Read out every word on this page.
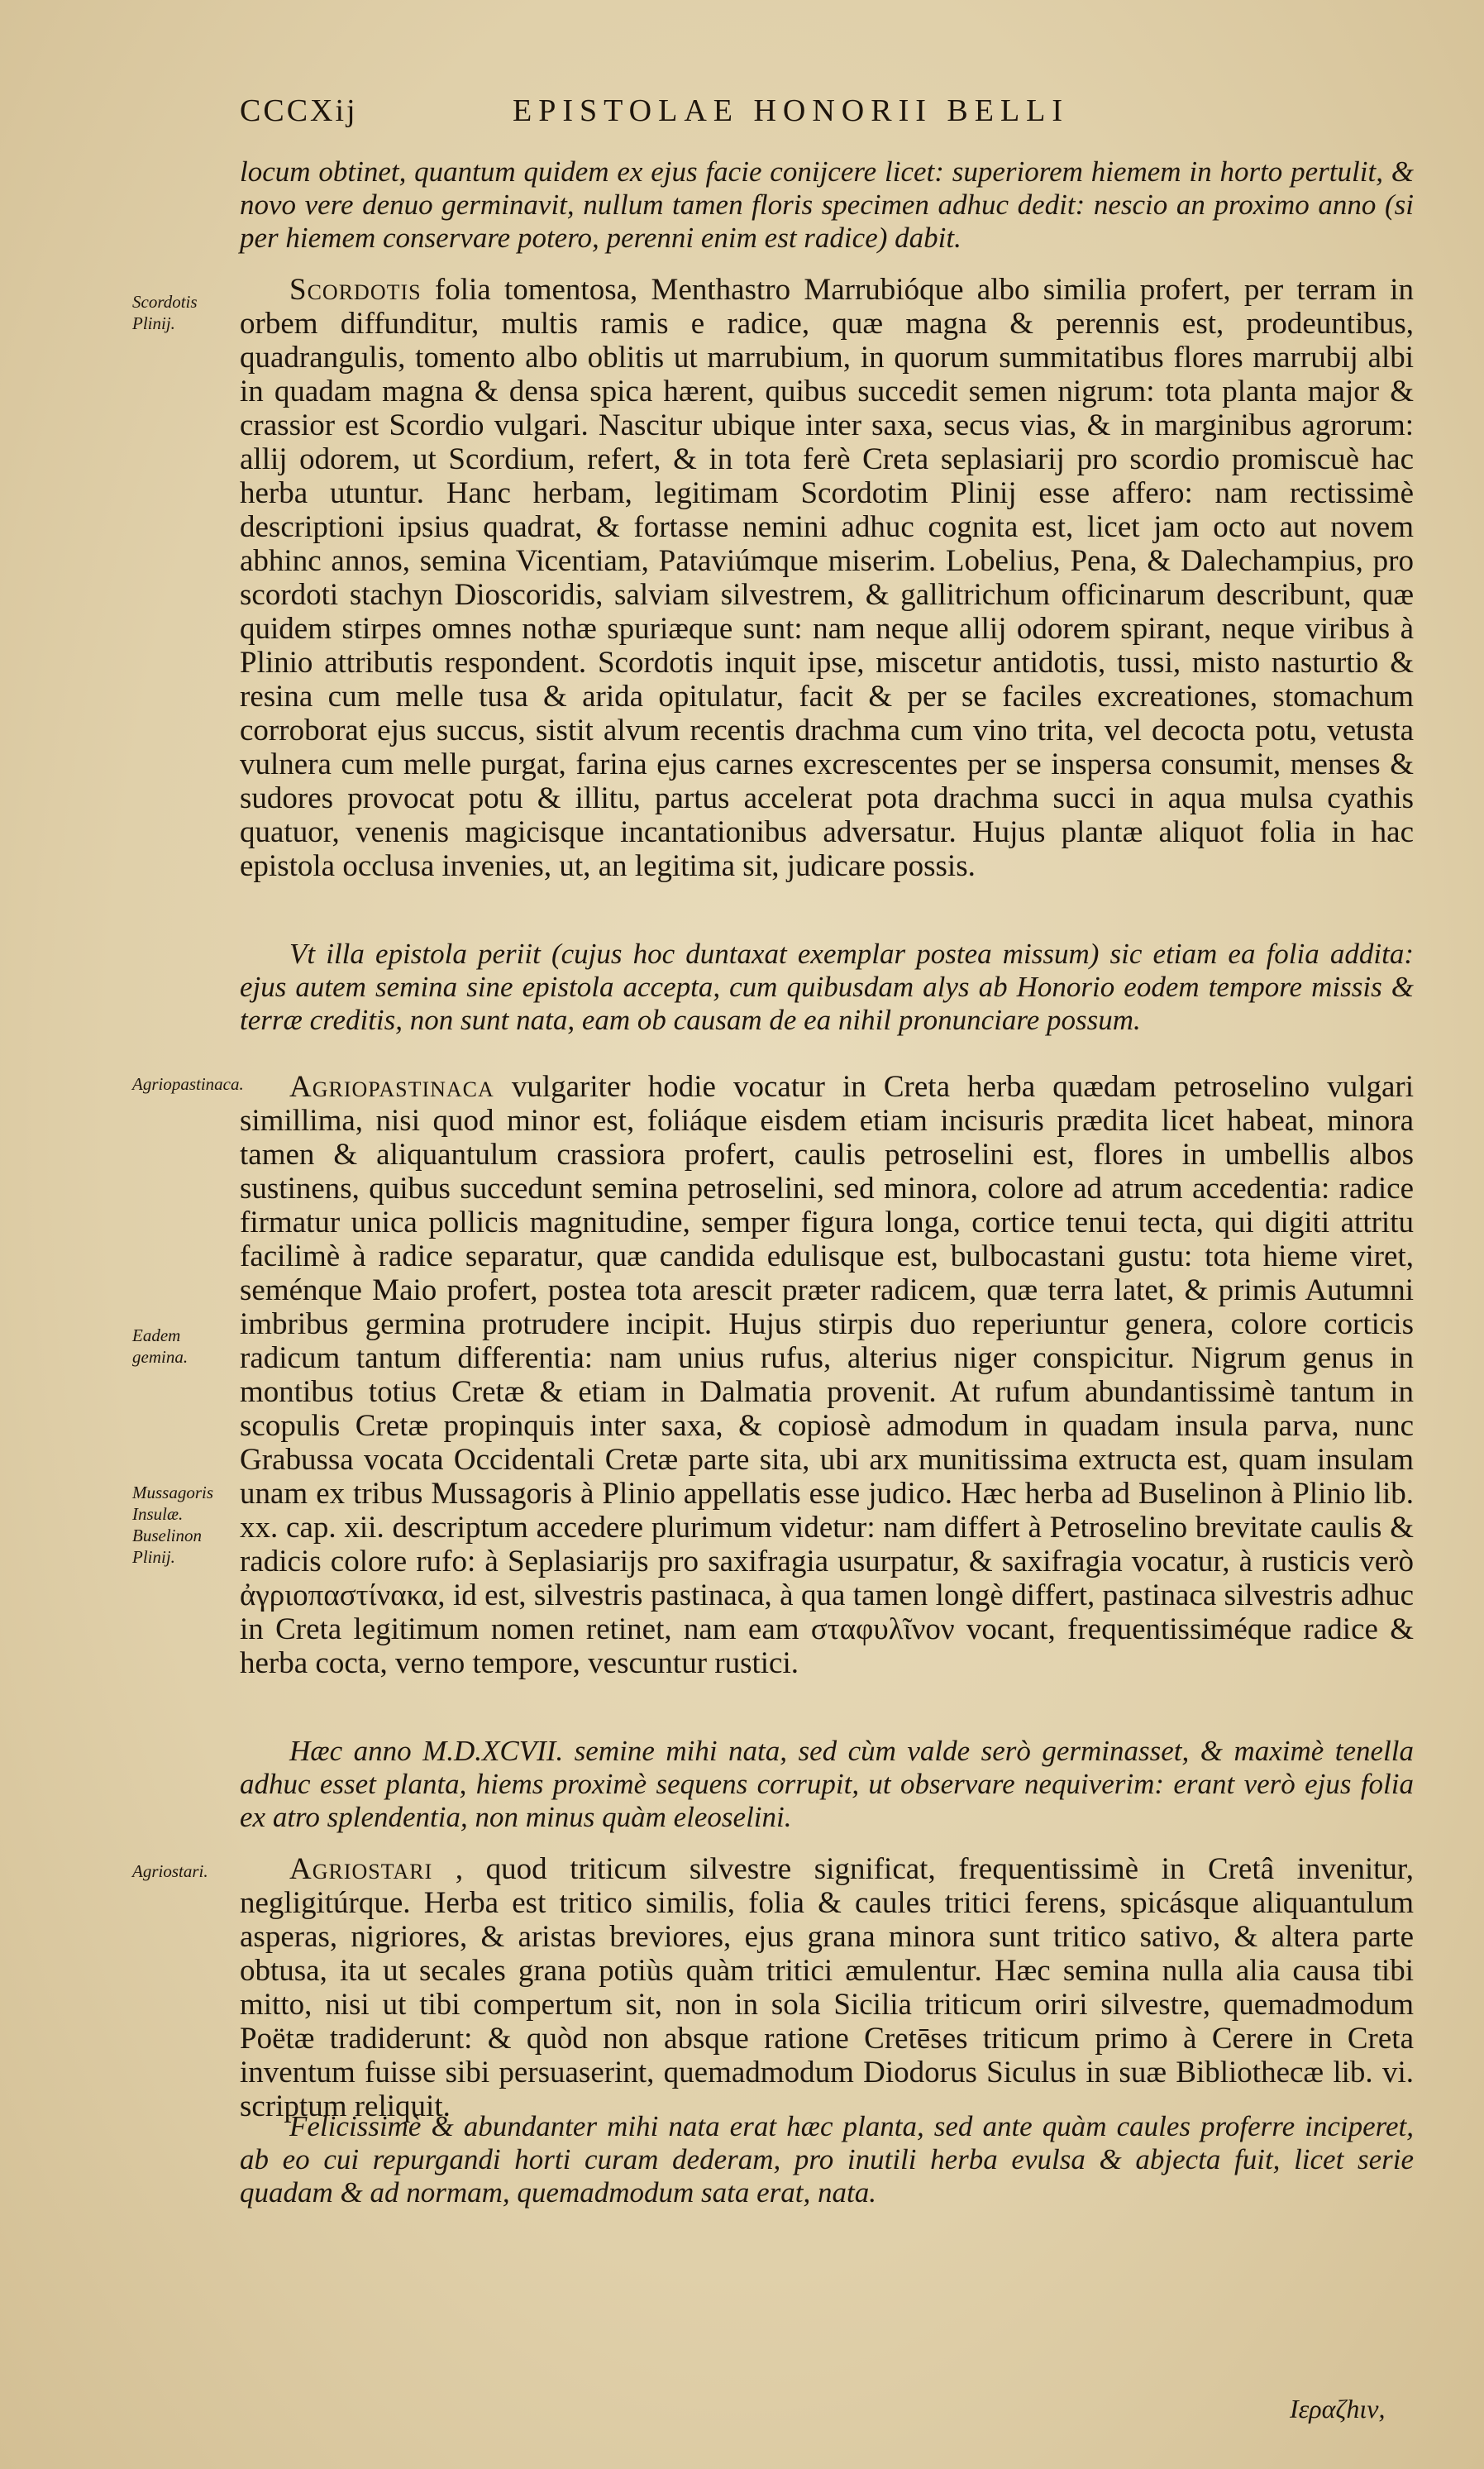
CCCXij	EPISTOLAE HONORII BELLI
locum obtinet, quantum quidem ex ejus facie conijcere licet: superiorem hiemem in horto pertulit, & novo vere denuo germinavit, nullum tamen floris specimen adhuc dedit: nescio an proximo anno (si per hiemem conservare potero, perenni enim est radice) dabit.
Scordotis Plinij.
Scordotis folia tomentosa, Menthastro Marrubióque albo similia profert, per terram in orbem diffunditur, multis ramis e radice, quæ magna & perennis est, prodeuntibus, quadrangulis, tomento albo oblitis ut marrubium, in quorum summitatibus flores marrubij albi in quadam magna & densa spica hærent, quibus succedit semen nigrum: tota planta major & crassior est Scordio vulgari. Nascitur ubique inter saxa, secus vias, & in marginibus agrorum: allij odorem, ut Scordium, refert, & in tota ferè Creta seplasiarij pro scordio promiscuè hac herba utuntur. Hanc herbam, legitimam Scordotim Plinij esse affero: nam rectissimè descriptioni ipsius quadrat, & fortasse nemini adhuc cognita est, licet jam octo aut novem abhinc annos, semina Vicentiam, Pataviúmque miserim. Lobelius, Pena, & Dalechampius, pro scordoti stachyn Dioscoridis, salviam silvestrem, & gallitrichum officinarum describunt, quæ quidem stirpes omnes nothæ spuriæque sunt: nam neque allij odorem spirant, neque viribus à Plinio attributis respondent. Scordotis inquit ipse, miscetur antidotis, tussi, misto nasturtio & resina cum melle tusa & arida opitulatur, facit & per se faciles excreationes, stomachum corroborat ejus succus, sistit alvum recentis drachma cum vino trita, vel decocta potu, vetusta vulnera cum melle purgat, farina ejus carnes excrescentes per se inspersa consumit, menses & sudores provocat potu & illitu, partus accelerat pota drachma succi in aqua mulsa cyathis quatuor, venenis magicisque incantationibus adversatur. Hujus plantæ aliquot folia in hac epistola occlusa invenies, ut, an legitima sit, judicare possis.
Vt illa epistola periit (cujus hoc duntaxat exemplar postea missum) sic etiam ea folia addita: ejus autem semina sine epistola accepta, cum quibusdam alys ab Honorio eodem tempore missis & terræ creditis, non sunt nata, eam ob causam de ea nihil pronunciare possum.
Agriopastinaca.
Eadem gemina.
Mussagoris Insulæ. Buselinon Plinij.
Agriopastinaca vulgariter hodie vocatur in Creta herba quædam petroselino vulgari simillima, nisi quod minor est, foliáque eisdem etiam incisuris prædita licet habeat, minora tamen & aliquantulum crassiora profert, caulis petroselini est, flores in umbellis albos sustinens, quibus succedunt semina petroselini, sed minora, colore ad atrum accedentia: radice firmatur unica pollicis magnitudine, semper figura longa, cortice tenui tecta, qui digiti attritu facilimè à radice separatur, quæ candida edulisque est, bulbocastani gustu: tota hieme viret, seménque Maio profert, postea tota arescit præter radicem, quæ terra latet, & primis Autumni imbribus germina protrudere incipit. Hujus stirpis duo reperiuntur genera, colore corticis radicum tantum differentia: nam unius rufus, alterius niger conspicitur. Nigrum genus in montibus totius Cretæ & etiam in Dalmatia provenit. At rufum abundantissimè tantum in scopulis Cretæ propinquis inter saxa, & copiosè admodum in quadam insula parva, nunc Grabussa vocata Occidentali Cretæ parte sita, ubi arx munitissima extructa est, quam insulam unam ex tribus Mussagoris à Plinio appellatis esse judico. Hæc herba ad Buselinon à Plinio lib. xx. cap. xii. descriptum accedere plurimum videtur: nam differt à Petroselino brevitate caulis & radicis colore rufo: à Seplasiarijs pro saxifragia usurpatur, & saxifragia vocatur, à rusticis verò ἀγριοπαστίνακα, id est, silvestris pastinaca, à qua tamen longè differt, pastinaca silvestris adhuc in Creta legitimum nomen retinet, nam eam σταφυλῖνον vocant, frequentissiméque radice & herba cocta, verno tempore, vescuntur rustici.
Hæc anno M.D.XCVII. semine mihi nata, sed cùm valde serò germinasset, & maximè tenella adhuc esset planta, hiems proximè sequens corrupit, ut observare nequiverim: erant verò ejus folia ex atro splendentia, non minus quàm eleoselini.
Agriostari.	Agriostari , quod triticum silvestre significat, frequentissimè in Cretâ invenitur, negligitúrque. Herba est tritico similis, folia & caules tritici ferens, spicásque aliquantulum asperas, nigriores, & aristas breviores, ejus grana minora sunt tritico sativo, & altera parte obtusa, ita ut secales grana potiùs quàm tritici æmulentur. Hæc semina nulla alia causa tibi mitto, nisi ut tibi compertum sit, non in sola Sicilia triticum oriri silvestre, quemadmodum Poëtæ tradiderunt: & quòd non absque ratione Cretēses triticum primo à Cerere in Creta inventum fuisse sibi persuaserint, quemadmodum Diodorus Siculus in suæ Bibliothecæ lib. vi. scriptum reliquit.
Felicissimè & abundanter mihi nata erat hæc planta, sed ante quàm caules proferre inciperet, ab eo cui repurgandi horti curam dederam, pro inutili herba evulsa & abjecta fuit, licet serie quadam & ad normam, quemadmodum sata erat, nata.
Ιεραζhιν,
